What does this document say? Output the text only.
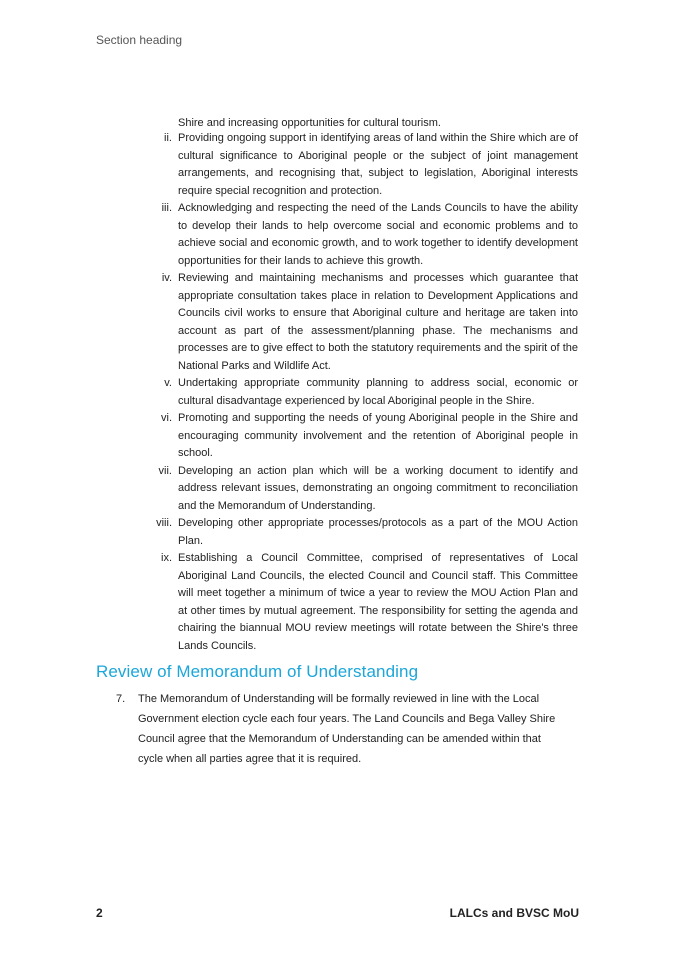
Section heading
Shire and increasing opportunities for cultural tourism.
ii. Providing ongoing support in identifying areas of land within the Shire which are of cultural significance to Aboriginal people or the subject of joint management arrangements, and recognising that, subject to legislation, Aboriginal interests require special recognition and protection.
iii. Acknowledging and respecting the need of the Lands Councils to have the ability to develop their lands to help overcome social and economic problems and to achieve social and economic growth, and to work together to identify development opportunities for their lands to achieve this growth.
iv. Reviewing and maintaining mechanisms and processes which guarantee that appropriate consultation takes place in relation to Development Applications and Councils civil works to ensure that Aboriginal culture and heritage are taken into account as part of the assessment/planning phase. The mechanisms and processes are to give effect to both the statutory requirements and the spirit of the National Parks and Wildlife Act.
v. Undertaking appropriate community planning to address social, economic or cultural disadvantage experienced by local Aboriginal people in the Shire.
vi. Promoting and supporting the needs of young Aboriginal people in the Shire and encouraging community involvement and the retention of Aboriginal people in school.
vii. Developing an action plan which will be a working document to identify and address relevant issues, demonstrating an ongoing commitment to reconciliation and the Memorandum of Understanding.
viii. Developing other appropriate processes/protocols as a part of the MOU Action Plan.
ix. Establishing a Council Committee, comprised of representatives of Local Aboriginal Land Councils, the elected Council and Council staff. This Committee will meet together a minimum of twice a year to review the MOU Action Plan and at other times by mutual agreement. The responsibility for setting the agenda and chairing the biannual MOU review meetings will rotate between the Shire's three Lands Councils.
Review of Memorandum of Understanding
7. The Memorandum of Understanding will be formally reviewed in line with the Local Government election cycle each four years. The Land Councils and Bega Valley Shire Council agree that the Memorandum of Understanding can be amended within that cycle when all parties agree that it is required.
2	LALCs and BVSC MoU
